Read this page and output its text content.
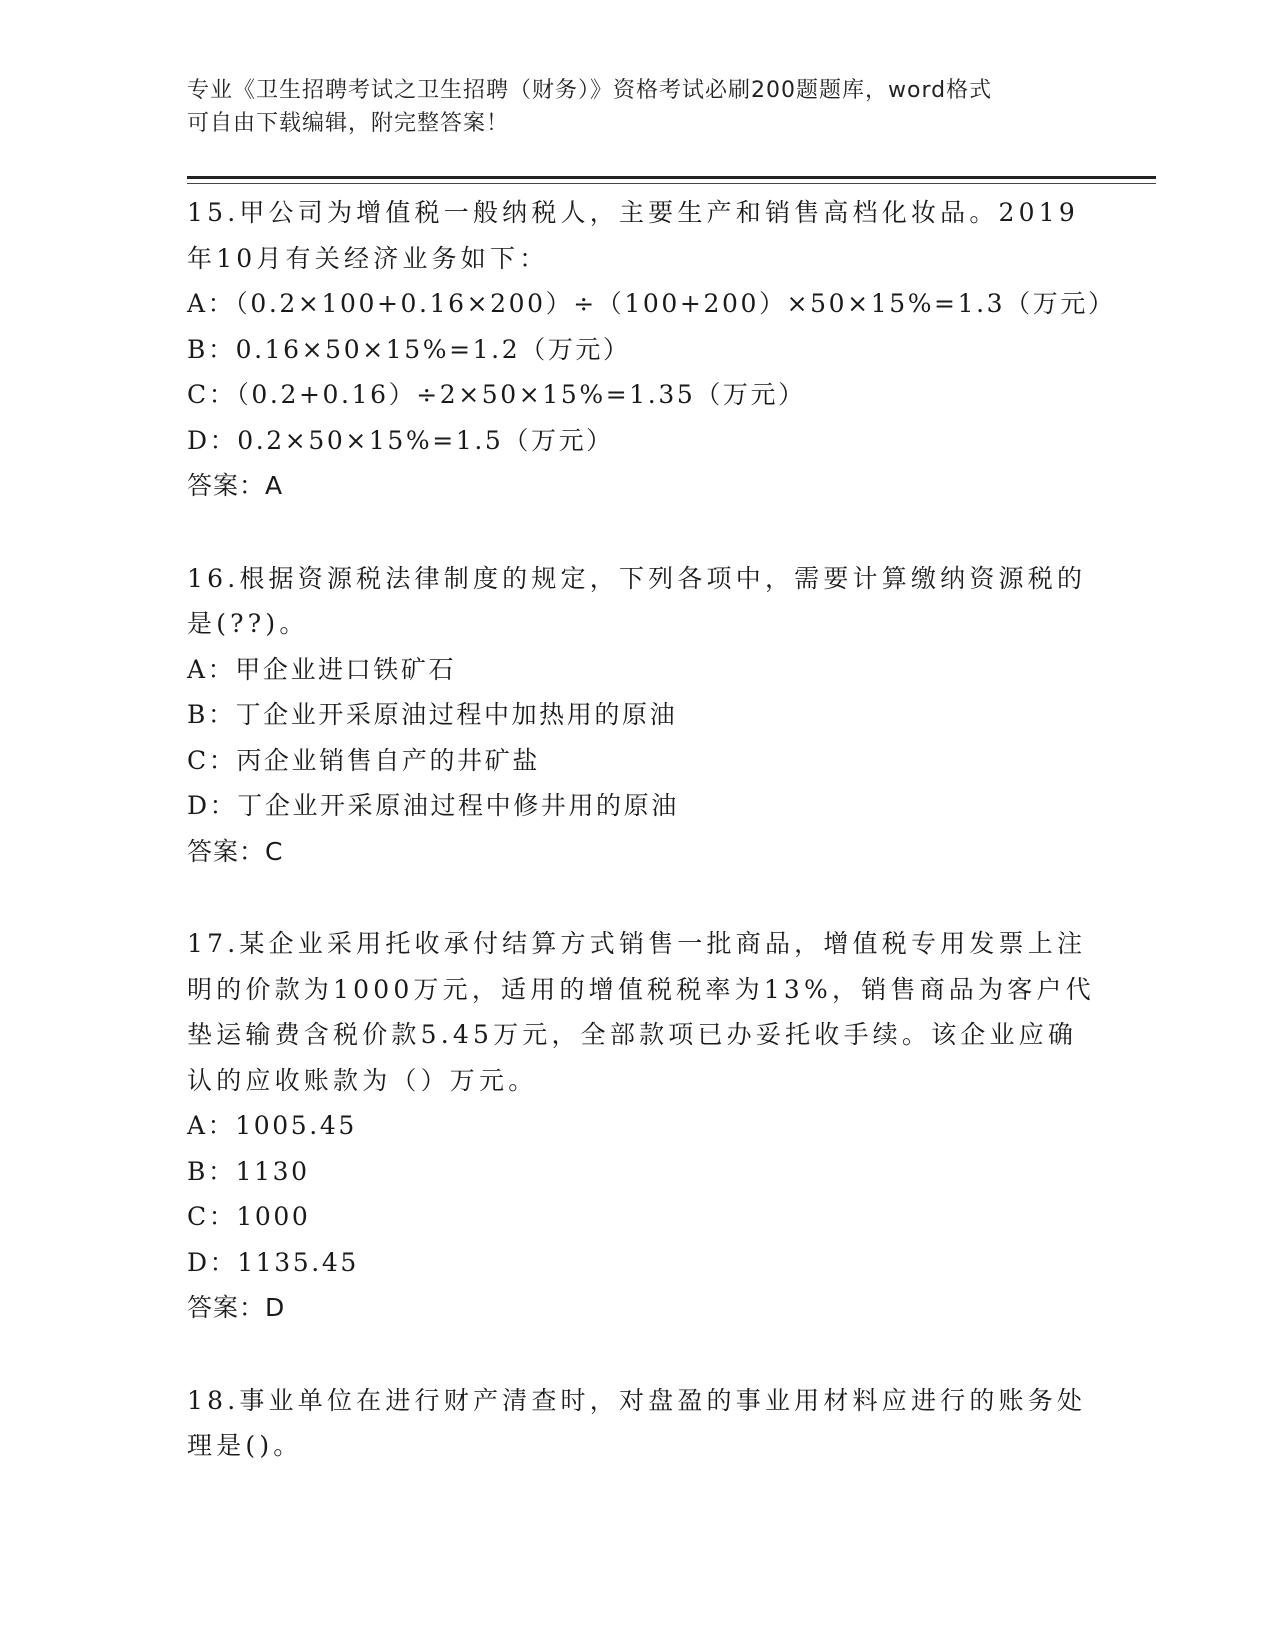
专业《卫生招聘考试之卫生招聘（财务）》资格考试必刷200题题库，word格式
可自由下载编辑，附完整答案！
15.甲公司为增值税一般纳税人，主要生产和销售高档化妆品。2019
年10月有关经济业务如下：
A：（0.2×100+0.16×200）÷（100+200）×50×15%=1.3（万元）
B：0.16×50×15%=1.2（万元）
C：（0.2+0.16）÷2×50×15%=1.35（万元）
D：0.2×50×15%=1.5（万元）
答案：A
16.根据资源税法律制度的规定，下列各项中，需要计算缴纳资源税的
是(??)。
A：甲企业进口铁矿石
B：丁企业开采原油过程中加热用的原油
C：丙企业销售自产的井矿盐
D：丁企业开采原油过程中修井用的原油
答案：C
17.某企业采用托收承付结算方式销售一批商品，增值税专用发票上注
明的价款为1000万元，适用的增值税税率为13%，销售商品为客户代
垫运输费含税价款5.45万元，全部款项已办妥托收手续。该企业应确
认的应收账款为（）万元。
A：1005.45
B：1130
C：1000
D：1135.45
答案：D
18.事业单位在进行财产清查时，对盘盈的事业用材料应进行的账务处
理是()。
